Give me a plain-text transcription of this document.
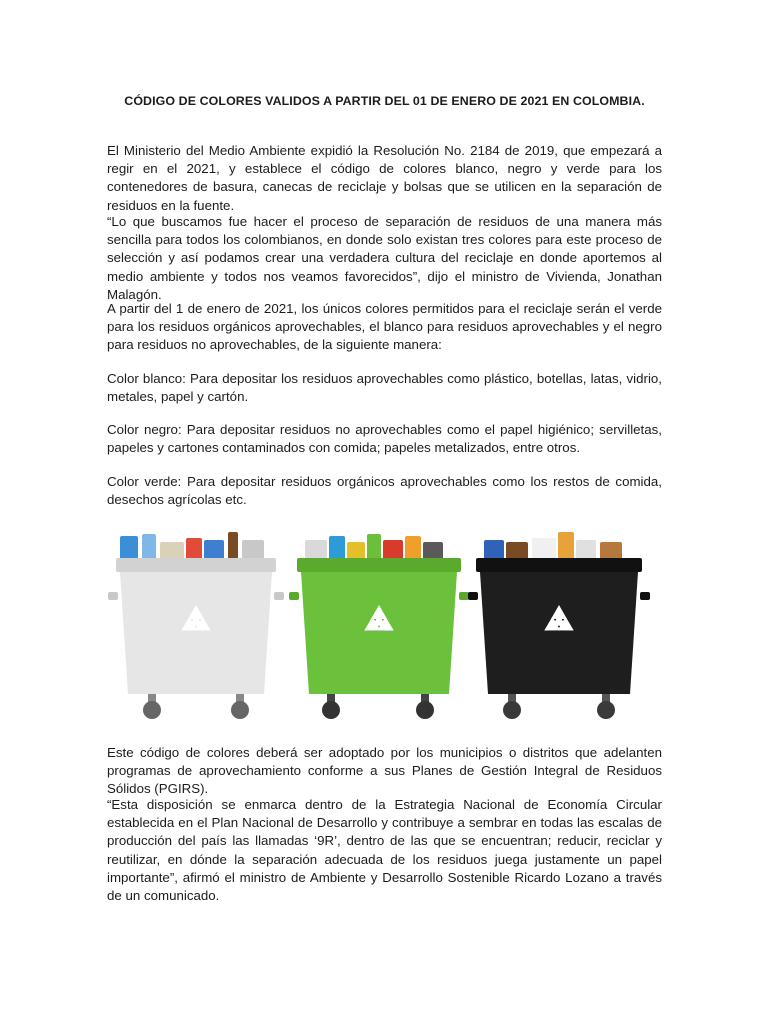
CÓDIGO DE COLORES VALIDOS A PARTIR DEL 01 DE ENERO DE 2021 EN COLOMBIA.

El Ministerio del Medio Ambiente expidió la Resolución No. 2184 de 2019, que empezará a regir en el 2021, y establece el código de colores blanco, negro y verde para los contenedores de basura, canecas de reciclaje y bolsas que se utilicen en la separación de residuos en la fuente.

“Lo que buscamos fue hacer el proceso de separación de residuos de una manera más sencilla para todos los colombianos, en donde solo existan tres colores para este proceso de selección y así podamos crear una verdadera cultura del reciclaje en donde aportemos al medio ambiente y todos nos veamos favorecidos”, dijo el ministro de Vivienda, Jonathan Malagón.

A partir del 1 de enero de 2021, los únicos colores permitidos para el reciclaje serán el verde para los residuos orgánicos aprovechables, el blanco para residuos aprovechables y el negro para residuos no aprovechables, de la siguiente manera:

Color blanco: Para depositar los residuos aprovechables como plástico, botellas, latas, vidrio, metales, papel y cartón.

Color negro: Para depositar residuos no aprovechables como el papel higiénico; servilletas, papeles y cartones contaminados con comida; papeles metalizados, entre otros.

Color verde: Para depositar residuos orgánicos aprovechables como los restos de comida, desechos agrícolas etc.

Este código de colores deberá ser adoptado por los municipios o distritos que adelanten programas de aprovechamiento conforme a sus Planes de Gestión Integral de Residuos Sólidos (PGIRS).

“Esta disposición se enmarca dentro de la Estrategia Nacional de Economía Circular establecida en el Plan Nacional de Desarrollo y contribuye a sembrar en todas las escalas de producción del país las llamadas ‘9R’, dentro de las que se encuentran; reducir, reciclar y reutilizar, en dónde la separación adecuada de los residuos juega justamente un papel importante”, afirmó el ministro de Ambiente y Desarrollo Sostenible Ricardo Lozano a través de un comunicado.
